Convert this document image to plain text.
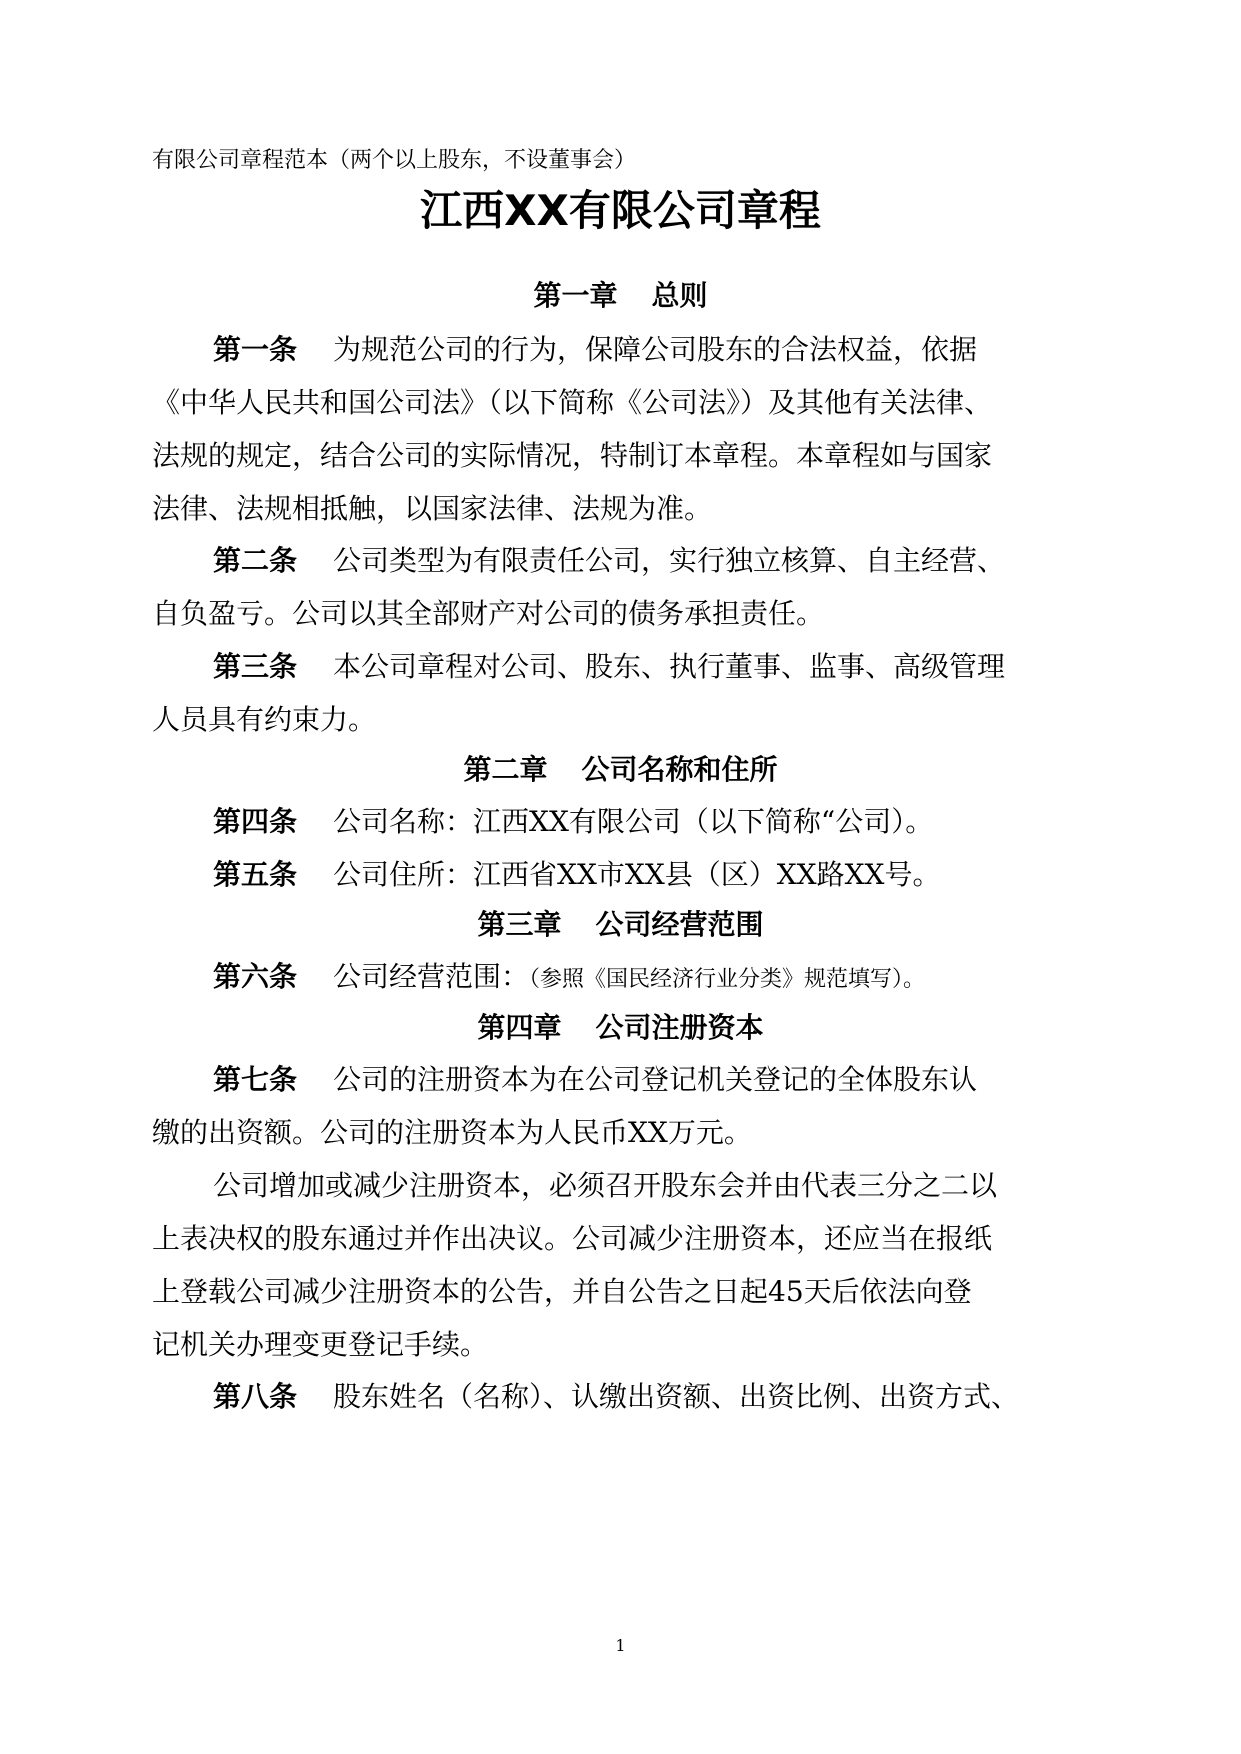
有限公司章程范本（两个以上股东，不设董事会）
江西XX有限公司章程
第一章 总则
第一条 为规范公司的行为，保障公司股东的合法权益，依据
《中华人民共和国公司法》（以下简称《公司法》）及其他有关法律、
法规的规定，结合公司的实际情况，特制订本章程。本章程如与国家
法律、法规相抵触，以国家法律、法规为准。
第二条 公司类型为有限责任公司，实行独立核算、自主经营、
自负盈亏。公司以其全部财产对公司的债务承担责任。
第三条 本公司章程对公司、股东、执行董事、监事、高级管理
人员具有约束力。
第二章 公司名称和住所
第四条 公司名称：江西XX有限公司（以下简称“公司）。
第五条 公司住所：江西省XX市XX县（区）XX路XX号。
第三章 公司经营范围
第六条 公司经营范围：（参照《国民经济行业分类》规范填写）。
第四章 公司注册资本
第七条 公司的注册资本为在公司登记机关登记的全体股东认
缴的出资额。公司的注册资本为人民币XX万元。
公司增加或减少注册资本，必须召开股东会并由代表三分之二以
上表决权的股东通过并作出决议。公司减少注册资本，还应当在报纸
上登载公司减少注册资本的公告，并自公告之日起45天后依法向登
记机关办理变更登记手续。
第八条 股东姓名（名称）、认缴出资额、出资比例、出资方式、
1
